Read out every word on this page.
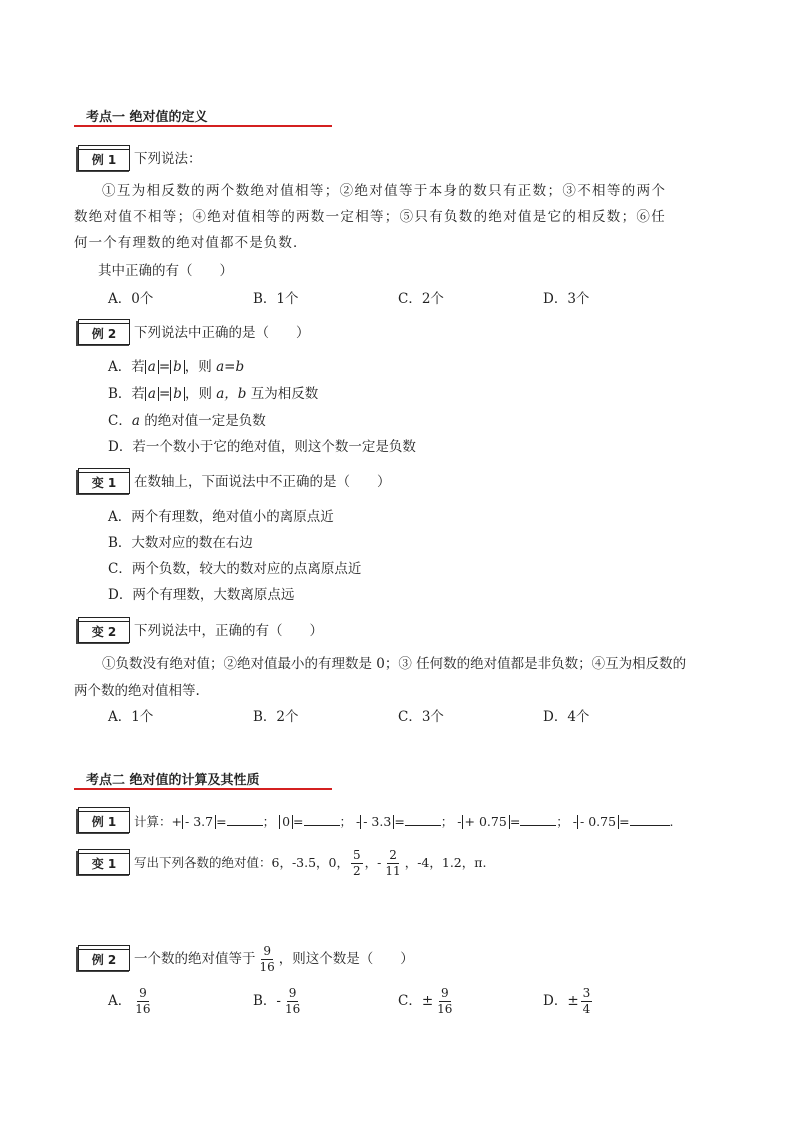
考点一 绝对值的定义
例 1	下列说法：
①互为相反数的两个数绝对值相等；②绝对值等于本身的数只有正数；③不相等的两个
数绝对值不相等；④绝对值相等的两数一定相等；⑤只有负数的绝对值是它的相反数；⑥任
何一个有理数的绝对值都不是负数．
其中正确的有（　　）
A．0个	B．1个	C．2个	D．3个
例 2	下列说法中正确的是（　　）
A．若 a = b ，则 a=b
B．若 a = b ，则 a，b 互为相反数
C．a 的绝对值一定是负数
D．若一个数小于它的绝对值，则这个数一定是负数
变 1	在数轴上，下面说法中不正确的是（　　）
A．两个有理数，绝对值小的离原点近
B．大数对应的数在右边
C．两个负数，较大的数对应的点离原点近
D．两个有理数，大数离原点远
变 2	下列说法中，正确的有（　　）
①负数没有绝对值；②绝对值最小的有理数是 0；③ 任何数的绝对值都是非负数；④互为相反数的
两个数的绝对值相等.
A．1个	B．2个	C．3个	D．4个
考点二 绝对值的计算及其性质
例 1	计算：+ - 3.7 =	； 0 =	； - - 3.3 =	； - + 0.75 =	； - - 0.75 =	.
变 1	写出下列各数的绝对值：6，-3.5，0， $\frac{5}{2}$ ， - $\frac{2}{11}$ ，-4，1.2，π.
例 2	一个数的绝对值等于 $\frac{9}{16}$ ，则这个数是（　　）
A． $\frac{9}{16}$	B．- $\frac{9}{16}$	C．± $\frac{9}{16}$	D．± $\frac{3}{4}$
